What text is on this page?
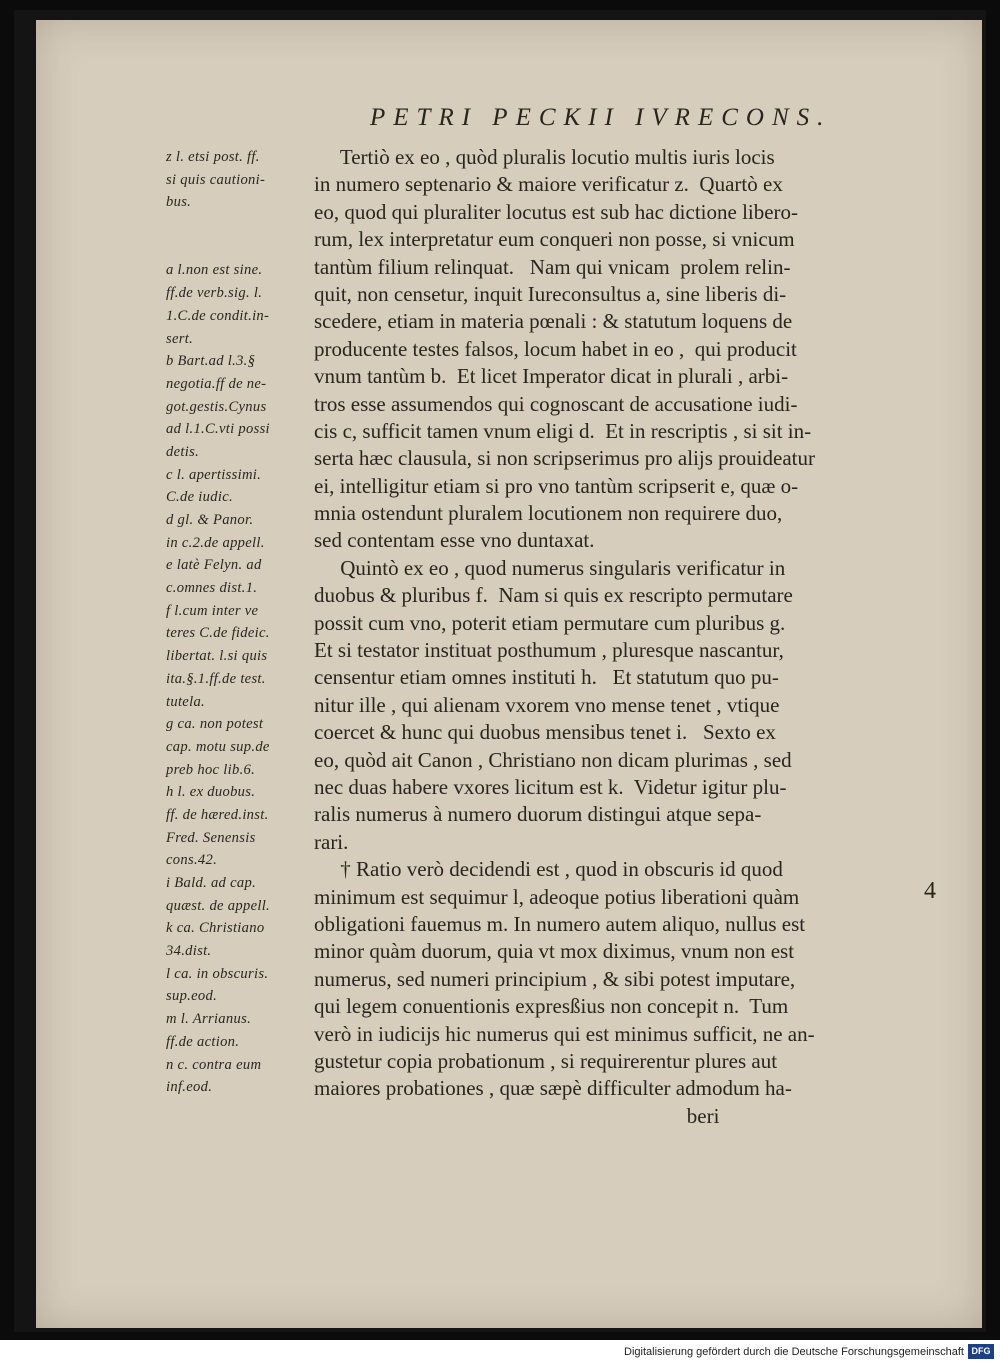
PETRI PECKII IVRECONS.
4
z l. etsi post. ff.
si quis cautioni-
bus.
a l.non est sine.
ff.de verb.sig. l.
1.C.de condit.in-
sert.
b Bart.ad l.3.§
negotia.ff de ne-
got.gestis.Cynus
ad l.1.C.vti possi
detis.
c l. apertissimi.
C.de iudic.
d gl. & Panor.
in c.2.de appell.
e latè Felyn. ad
c.omnes dist.1.
f l.cum inter ve
teres C.de fideic.
libertat. l.si quis
ita.§.1.ff.de test.
tutela.
g ca. non potest
cap. motu sup.de
preb hoc lib.6.
h l. ex duobus.
ff. de hæred.inst.
Fred. Senensis
cons.42.
i Bald. ad cap.
quæst. de appell.
k ca. Christiano
34.dist.
l ca. in obscuris.
sup.eod.
m l. Arrianus.
ff.de action.
n c. contra eum
inf.eod.
Tertiò ex eo , quòd pluralis locutio multis iuris locis
in numero septenario & maiore verificatur z.  Quartò ex
eo, quod qui pluraliter locutus est sub hac dictione libero-
rum, lex interpretatur eum conqueri non posse, si vnicum
tantùm filium relinquat.   Nam qui vnicam  prolem relin-
quit, non censetur, inquit Iureconsultus a, sine liberis di-
scedere, etiam in materia pœnali : & statutum loquens de
producente testes falsos, locum habet in eo ,  qui producit
vnum tantùm b.  Et licet Imperator dicat in plurali , arbi-
tros esse assumendos qui cognoscant de accusatione iudi-
cis c, sufficit tamen vnum eligi d.  Et in rescriptis , si sit in-
serta hæc clausula, si non scripserimus pro alijs prouideatur
ei, intelligitur etiam si pro vno tantùm scripserit e, quæ o-
mnia ostendunt pluralem locutionem non requirere duo,
sed contentam esse vno duntaxat.
Quintò ex eo , quod numerus singularis verificatur in
duobus & pluribus f.  Nam si quis ex rescripto permutare
possit cum vno, poterit etiam permutare cum pluribus g.
Et si testator instituat posthumum , pluresque nascantur,
censentur etiam omnes instituti h.   Et statutum quo pu-
nitur ille , qui alienam vxorem vno mense tenet , vtique
coercet & hunc qui duobus mensibus tenet i.   Sexto ex
eo, quòd ait Canon , Christiano non dicam plurimas , sed
nec duas habere vxores licitum est k.  Videtur igitur plu-
ralis numerus à numero duorum distingui atque sepa-
rari.
† Ratio verò decidendi est , quod in obscuris id quod
minimum est sequimur l, adeoque potius liberationi quàm
obligationi fauemus m. In numero autem aliquo, nullus est
minor quàm duorum, quia vt mox diximus, vnum non est
numerus, sed numeri principium , & sibi potest imputare,
qui legem conuentionis expresßius non concepit n.  Tum
verò in iudicijs hic numerus qui est minimus sufficit, ne an-
gustetur copia probationum , si requirerentur plures aut
maiores probationes , quæ sæpè difficulter admodum ha-
beri
Digitalisierung gefördert durch die Deutsche Forschungsgemeinschaft DFG
